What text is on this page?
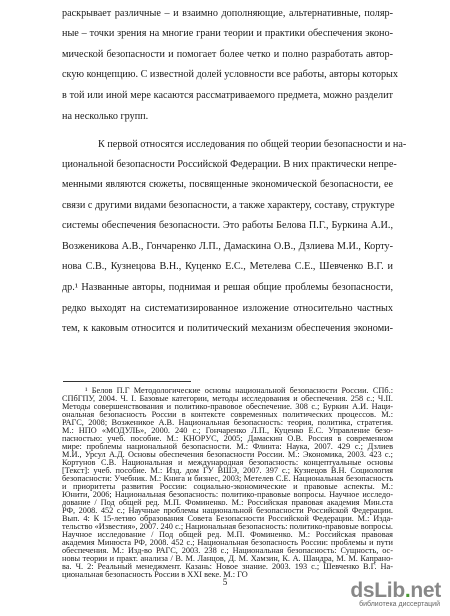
раскрывает различные – и взаимно дополняющие, альтернативные, поляр-
ные – точки зрения на многие грани теории и практики обеспечения эконо-
мической безопасности и помогает более четко и полно разработать автор-
скую концепцию. С известной долей условности все работы, авторы которых
в той или иной мере касаются рассматриваемого предмета, можно разделит
на несколько групп.
К первой относятся исследования по общей теории безопасности и на-
циональной безопасности Российской Федерации. В них практически непре-
менными являются сюжеты, посвященные экономической безопасности, ее
связи с другими видами безопасности, а также характеру, составу, структуре
системы обеспечения безопасности. Это работы Белова П.Г., Буркина А.И.,
Возженикова А.В., Гончаренко Л.П., Дамаскина О.В., Дзлиева М.И., Корту-
нова С.В., Кузнецова В.Н., Куценко Е.С., Метелева С.Е., Шевченко В.Г. и
др.¹ Названные авторы, поднимая и решая общие проблемы безопасности,
редко выходят на систематизированное изложение относительно частных
тем, к каковым относится и политический механизм обеспечения экономи-
¹ Белов П.Г Методологические основы национальной безопасности России. СПб.:
СПбГПУ, 2004. Ч. I. Базовые категории, методы исследования и обеспечения. 258 с.; Ч.II.
Методы совершенствования и политико-правовое обеспечение. 308 с.; Буркин А.И. Наци-
ональная безопасность России в контексте современных политических процессов. М.:
РАГС, 2008; Возженикое А.В. Национальная безопасность: теория, политика, стратегия.
М.: НПО «МОДУЛЬ», 2000. 240 с.; Гончаренко Л.П., Куценко Е.С. Управление безо-
пасностью: учеб. пособие. М.: КНОРУС, 2005; Дамаскин О.В. Россия в современном
мире: проблемы национальной безопасности. М.: Флинта: Наука, 2007. 429 с.; Дзлиев
М.И., Урсул А.Д. Основы обеспечения безопасности России. М.: Экономика, 2003. 423 с.;
Кортунов С.В. Национальная и международная безопасность: концептуальные основы
[Текст]: учеб. пособие. М.: Изд. дом ГУ ВШЭ, 2007. 397 с.; Кузнецов В.Н. Социология
безопасности: Учебник. М.: Книга и бизнес, 2003; Метелев С.Е. Национальная безопасность
и приоритеты развития России: социально-экономические и правовые аспекты. М.:
Юнити, 2006; Национальная безопасность: политико-правовые вопросы. Научное исследо-
дование / Под общей ред. М.П. Фоминенко. М.: Российская правовая академия Мин.ста
РФ, 2008. 452 с.; Научные проблемы национальной безопасности Российской Федерации.
Вып. 4: К 15-летию образования Совета Безопасности Российской Федерации. М.: Изда-
тельство «Известия», 2007. 240 с.; Национальная безопасность: политико-правовые вопросы.
Научное исследование / Под общей ред. М.П. Фоминенко. М.: Российская правовая
академия Минюста РФ, 2008. 452 с.; Национальная безопасность России: проблемы и пути
обеспечения. М.: Изд-во РАГС, 2003. 238 с.; Национальная безопасность: Сущность, ос-
новы теории и практ. анализа / В. М. Ланцов, Д. М. Хамзин, К. А. Шандра, М. М. Капрано-
ва. Ч. 2: Реальный менеджмент. Казань: Новое знание. 2003. 193 с.; Шевченко В.Г. На-
циональная безопасность России в XXI веке. М.: ГО
5	dsLib.net
библиотека диссертаций
